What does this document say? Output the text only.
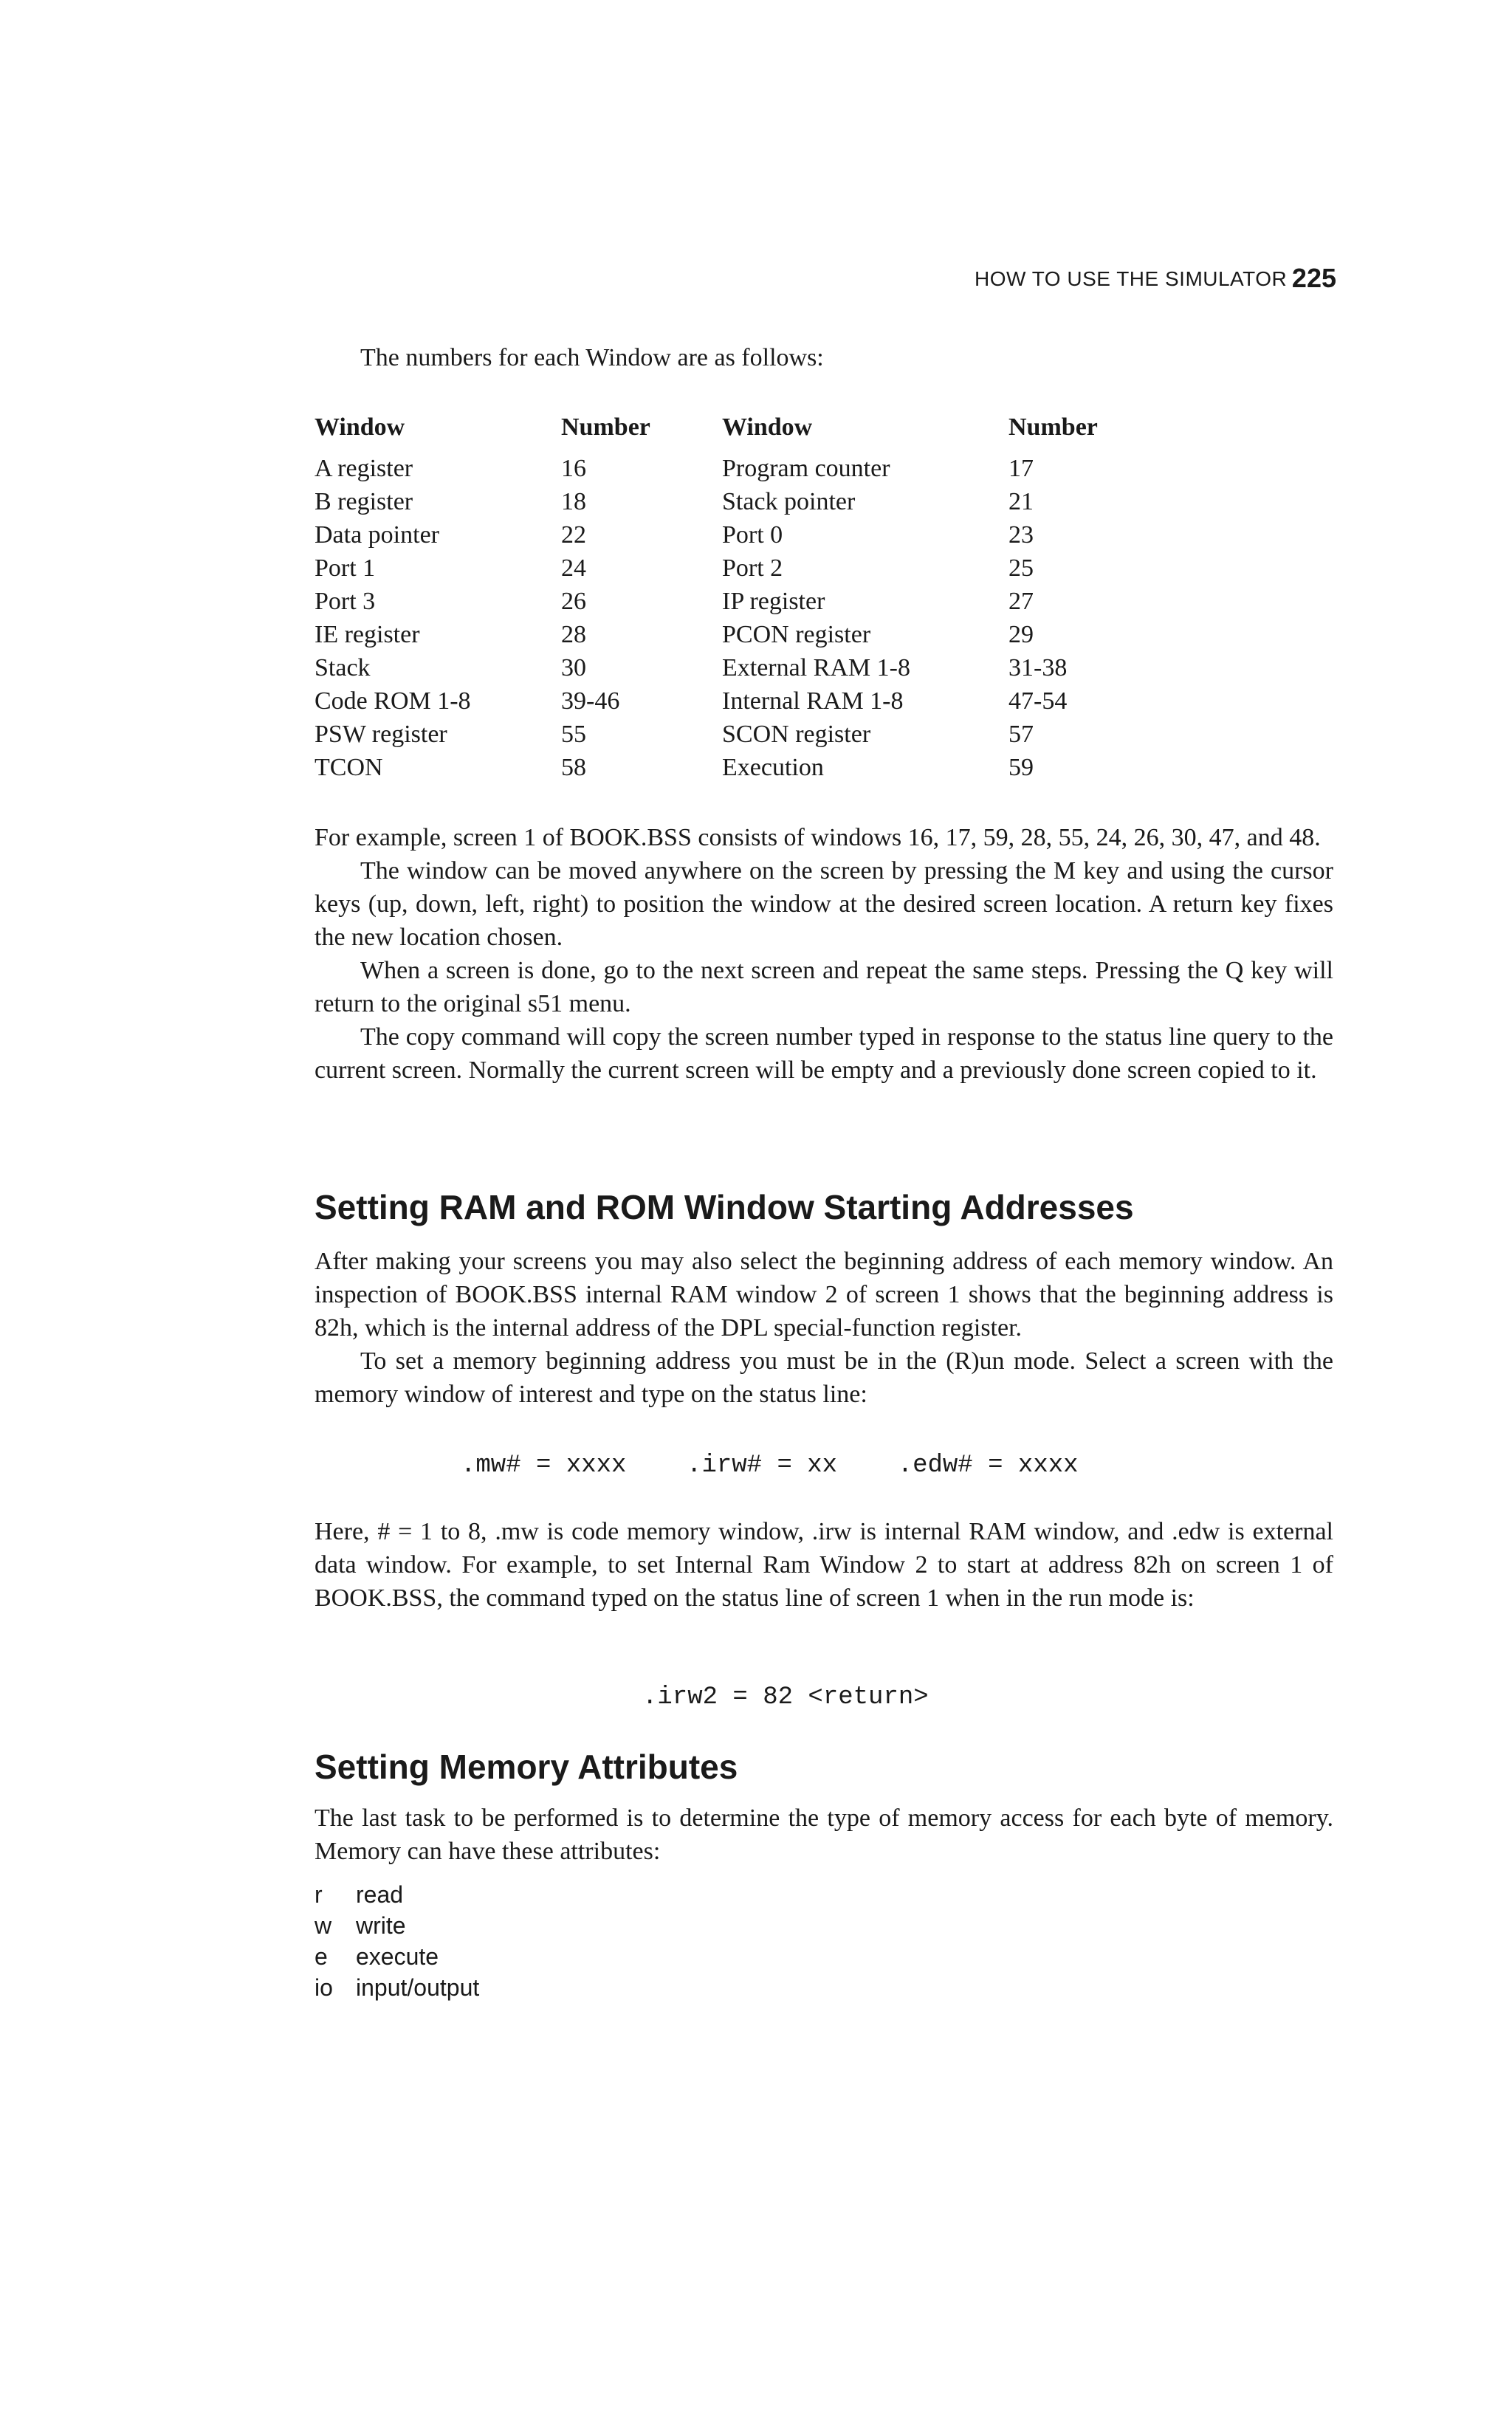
HOW TO USE THE SIMULATOR 225
The numbers for each Window are as follows:
Window	Number	Window	Number
A register	16	Program counter	17
B register	18	Stack pointer	21
Data pointer	22	Port 0	23
Port 1	24	Port 2	25
Port 3	26	IP register	27
IE register	28	PCON register	29
Stack	30	External RAM 1-8	31-38
Code ROM 1-8	39-46	Internal RAM 1-8	47-54
PSW register	55	SCON register	57
TCON	58	Execution	59

For example, screen 1 of BOOK.BSS consists of windows 16, 17, 59, 28, 55, 24, 26, 30, 47, and 48.

The window can be moved anywhere on the screen by pressing the M key and using the cursor keys (up, down, left, right) to position the window at the desired screen location. A return key fixes the new location chosen.

When a screen is done, go to the next screen and repeat the same steps. Pressing the Q key will return to the original s51 menu.

The copy command will copy the screen number typed in response to the status line query to the current screen. Normally the current screen will be empty and a previously done screen copied to it.

Setting RAM and ROM Window Starting Addresses

After making your screens you may also select the beginning address of each memory window. An inspection of BOOK.BSS internal RAM window 2 of screen 1 shows that the beginning address is 82h, which is the internal address of the DPL special-function register.

To set a memory beginning address you must be in the (R)un mode. Select a screen with the memory window of interest and type on the status line:

.mw# = xxxx    .irw# = xx    .edw# = xxxx

Here, # = 1 to 8, .mw is code memory window, .irw is internal RAM window, and .edw is external data window. For example, to set Internal Ram Window 2 to start at address 82h on screen 1 of BOOK.BSS, the command typed on the status line of screen 1 when in the run mode is:

.irw2 = 82 <return>
Setting Memory Attributes

The last task to be performed is to determine the type of memory access for each byte of memory. Memory can have these attributes:

r	read
w	write
e	execute
io input/output
